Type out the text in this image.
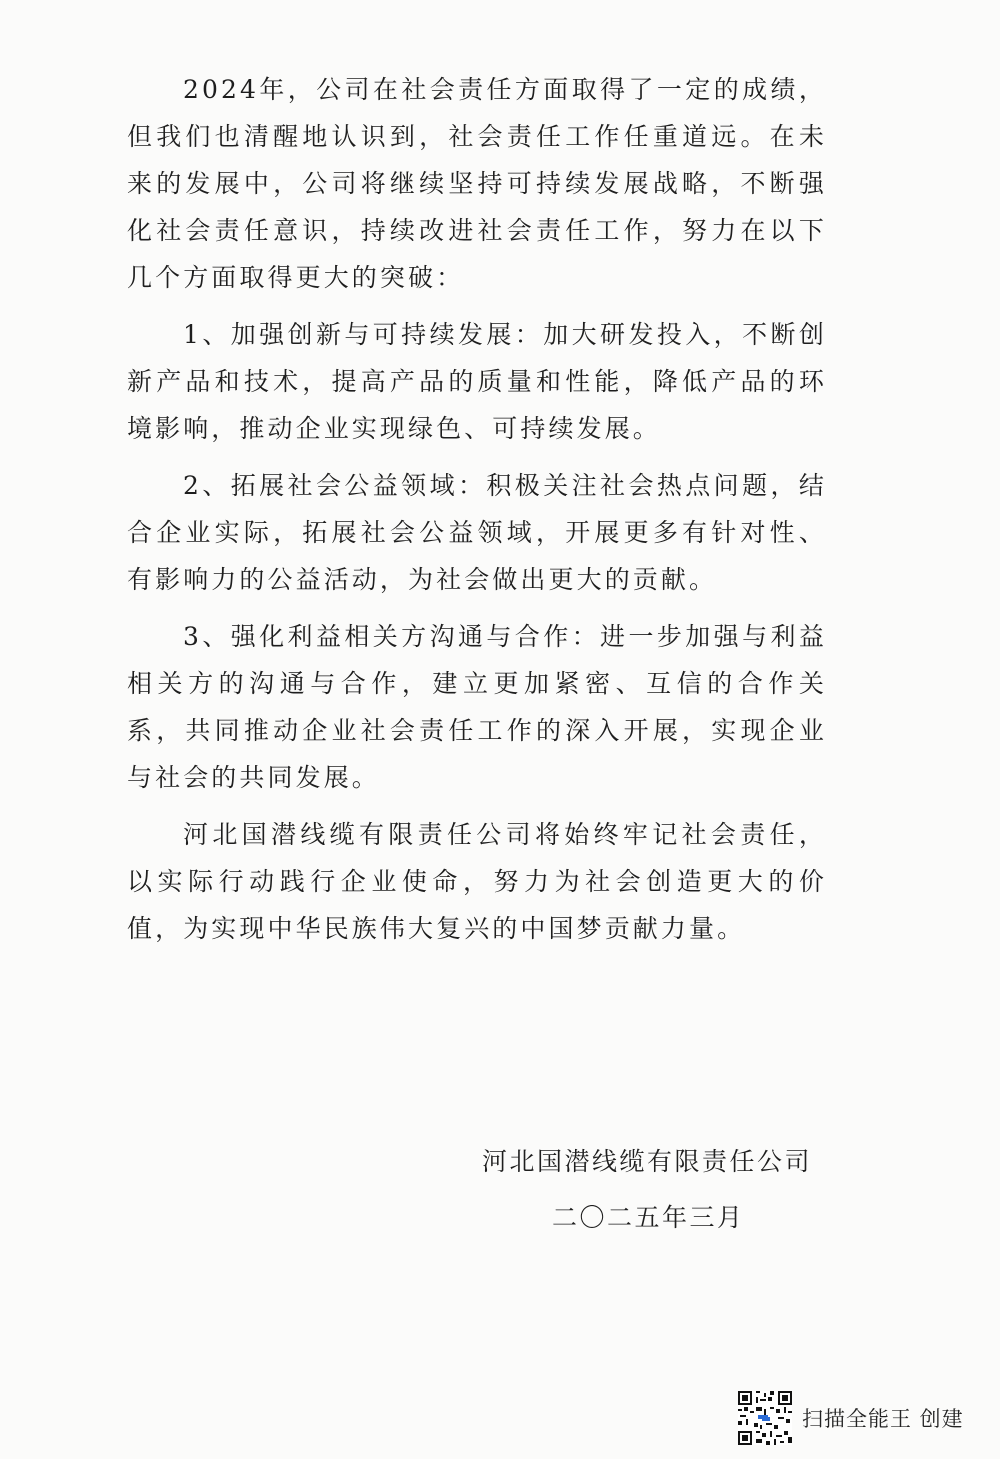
2024年，公司在社会责任方面取得了一定的成绩，但我们也清醒地认识到，社会责任工作任重道远。在未来的发展中，公司将继续坚持可持续发展战略，不断强化社会责任意识，持续改进社会责任工作，努力在以下几个方面取得更大的突破：

1、加强创新与可持续发展：加大研发投入，不断创新产品和技术，提高产品的质量和性能，降低产品的环境影响，推动企业实现绿色、可持续发展。

2、拓展社会公益领域：积极关注社会热点问题，结合企业实际，拓展社会公益领域，开展更多有针对性、有影响力的公益活动，为社会做出更大的贡献。

3、强化利益相关方沟通与合作：进一步加强与利益相关方的沟通与合作，建立更加紧密、互信的合作关系，共同推动企业社会责任工作的深入开展，实现企业与社会的共同发展。

河北国潜线缆有限责任公司将始终牢记社会责任，以实际行动践行企业使命，努力为社会创造更大的价值，为实现中华民族伟大复兴的中国梦贡献力量。

河北国潜线缆有限责任公司

二〇二五年三月

扫描全能王 创建
